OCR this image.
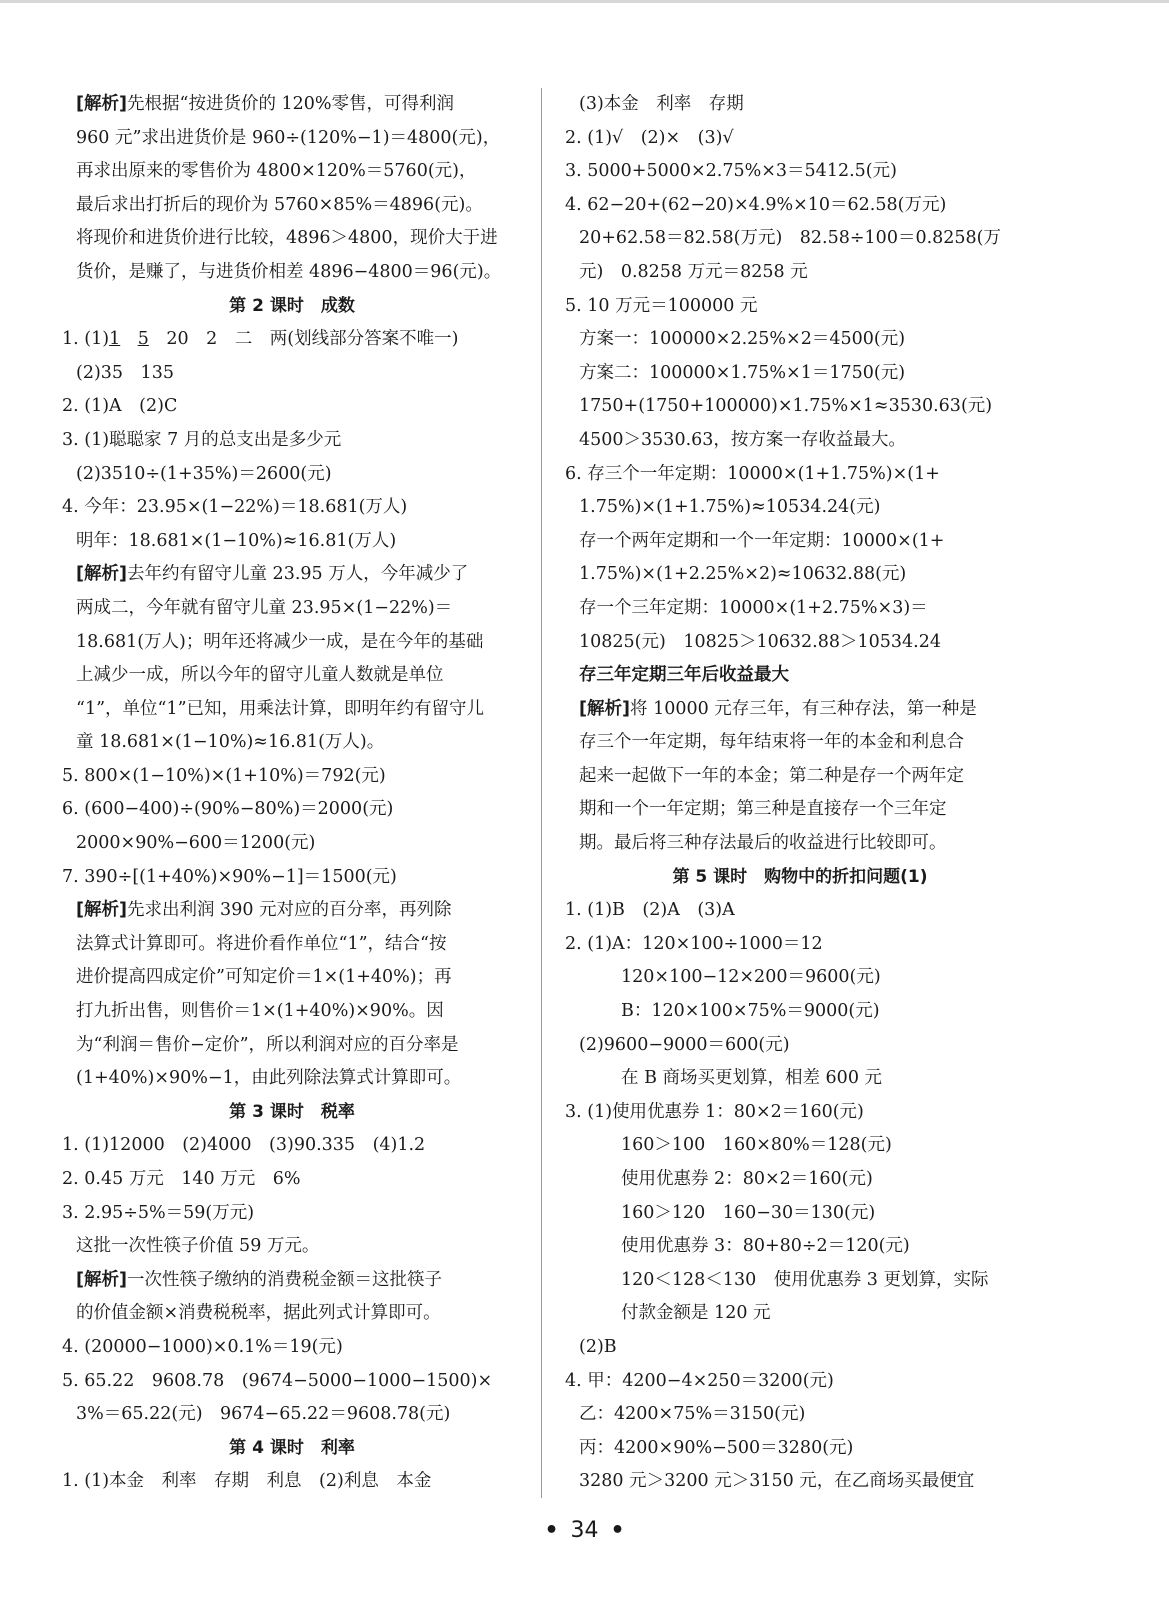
[解析]先根据“按进货价的 120%零售，可得利润
960 元”求出进货价是 960÷(120%−1)＝4800(元)，
再求出原来的零售价为 4800×120%＝5760(元)，
最后求出打折后的现价为 5760×85%＝4896(元)。
将现价和进货价进行比较，4896＞4800，现价大于进
货价，是赚了，与进货价相差 4896−4800＝96(元)。
第 2 课时　成数
1. (1)1　 5　20　2　二　两(划线部分答案不唯一)
(2)35　135
2. (1)A　(2)C
3. (1)聪聪家 7 月的总支出是多少元
(2)3510÷(1+35%)＝2600(元)
4. 今年：23.95×(1−22%)＝18.681(万人)
明年：18.681×(1−10%)≈16.81(万人)
[解析]去年约有留守儿童 23.95 万人，今年减少了
两成二，今年就有留守儿童 23.95×(1−22%)＝
18.681(万人)；明年还将减少一成，是在今年的基础
上减少一成，所以今年的留守儿童人数就是单位
“1”，单位“1”已知，用乘法计算，即明年约有留守儿
童 18.681×(1−10%)≈16.81(万人)。
5. 800×(1−10%)×(1+10%)＝792(元)
6. (600−400)÷(90%−80%)＝2000(元)
2000×90%−600＝1200(元)
7. 390÷[(1+40%)×90%−1]＝1500(元)
[解析]先求出利润 390 元对应的百分率，再列除
法算式计算即可。将进价看作单位“1”，结合“按
进价提高四成定价”可知定价＝1×(1+40%)；再
打九折出售，则售价＝1×(1+40%)×90%。因
为“利润＝售价−定价”，所以利润对应的百分率是
(1+40%)×90%−1，由此列除法算式计算即可。
第 3 课时　税率
1. (1)12000　(2)4000　(3)90.335　(4)1.2
2. 0.45 万元　140 万元　6%
3. 2.95÷5%＝59(万元)
这批一次性筷子价值 59 万元。
[解析]一次性筷子缴纳的消费税金额＝这批筷子
的价值金额×消费税税率，据此列式计算即可。
4. (20000−1000)×0.1%＝19(元)
5. 65.22　9608.78　(9674−5000−1000−1500)×
3%＝65.22(元)　9674−65.22＝9608.78(元)
第 4 课时　利率
1. (1)本金　利率　存期　利息　(2)利息　本金
(3)本金　利率　存期
2. (1)√　(2)×　(3)√
3. 5000+5000×2.75%×3＝5412.5(元)
4. 62−20+(62−20)×4.9%×10＝62.58(万元)
20+62.58＝82.58(万元)　82.58÷100＝0.8258(万
元)　0.8258 万元＝8258 元
5. 10 万元＝100000 元
方案一：100000×2.25%×2＝4500(元)
方案二：100000×1.75%×1＝1750(元)
1750+(1750+100000)×1.75%×1≈3530.63(元)
4500＞3530.63，按方案一存收益最大。
6. 存三个一年定期：10000×(1+1.75%)×(1+
1.75%)×(1+1.75%)≈10534.24(元)
存一个两年定期和一个一年定期：10000×(1+
1.75%)×(1+2.25%×2)≈10632.88(元)
存一个三年定期：10000×(1+2.75%×3)＝
10825(元)　10825＞10632.88＞10534.24
存三年定期三年后收益最大
[解析]将 10000 元存三年，有三种存法，第一种是
存三个一年定期，每年结束将一年的本金和利息合
起来一起做下一年的本金；第二种是存一个两年定
期和一个一年定期；第三种是直接存一个三年定
期。最后将三种存法最后的收益进行比较即可。
第 5 课时　购物中的折扣问题(1)
1. (1)B　(2)A　(3)A
2. (1)A：120×100÷1000＝12
120×100−12×200＝9600(元)
B：120×100×75%＝9000(元)
(2)9600−9000＝600(元)
在 B 商场买更划算，相差 600 元
3. (1)使用优惠券 1：80×2＝160(元)
160＞100　160×80%＝128(元)
使用优惠券 2：80×2＝160(元)
160＞120　160−30＝130(元)
使用优惠券 3：80+80÷2＝120(元)
120＜128＜130　使用优惠券 3 更划算，实际
付款金额是 120 元
(2)B
4. 甲：4200−4×250＝3200(元)
乙：4200×75%＝3150(元)
丙：4200×90%−500＝3280(元)
3280 元＞3200 元＞3150 元，在乙商场买最便宜
• 34 •
